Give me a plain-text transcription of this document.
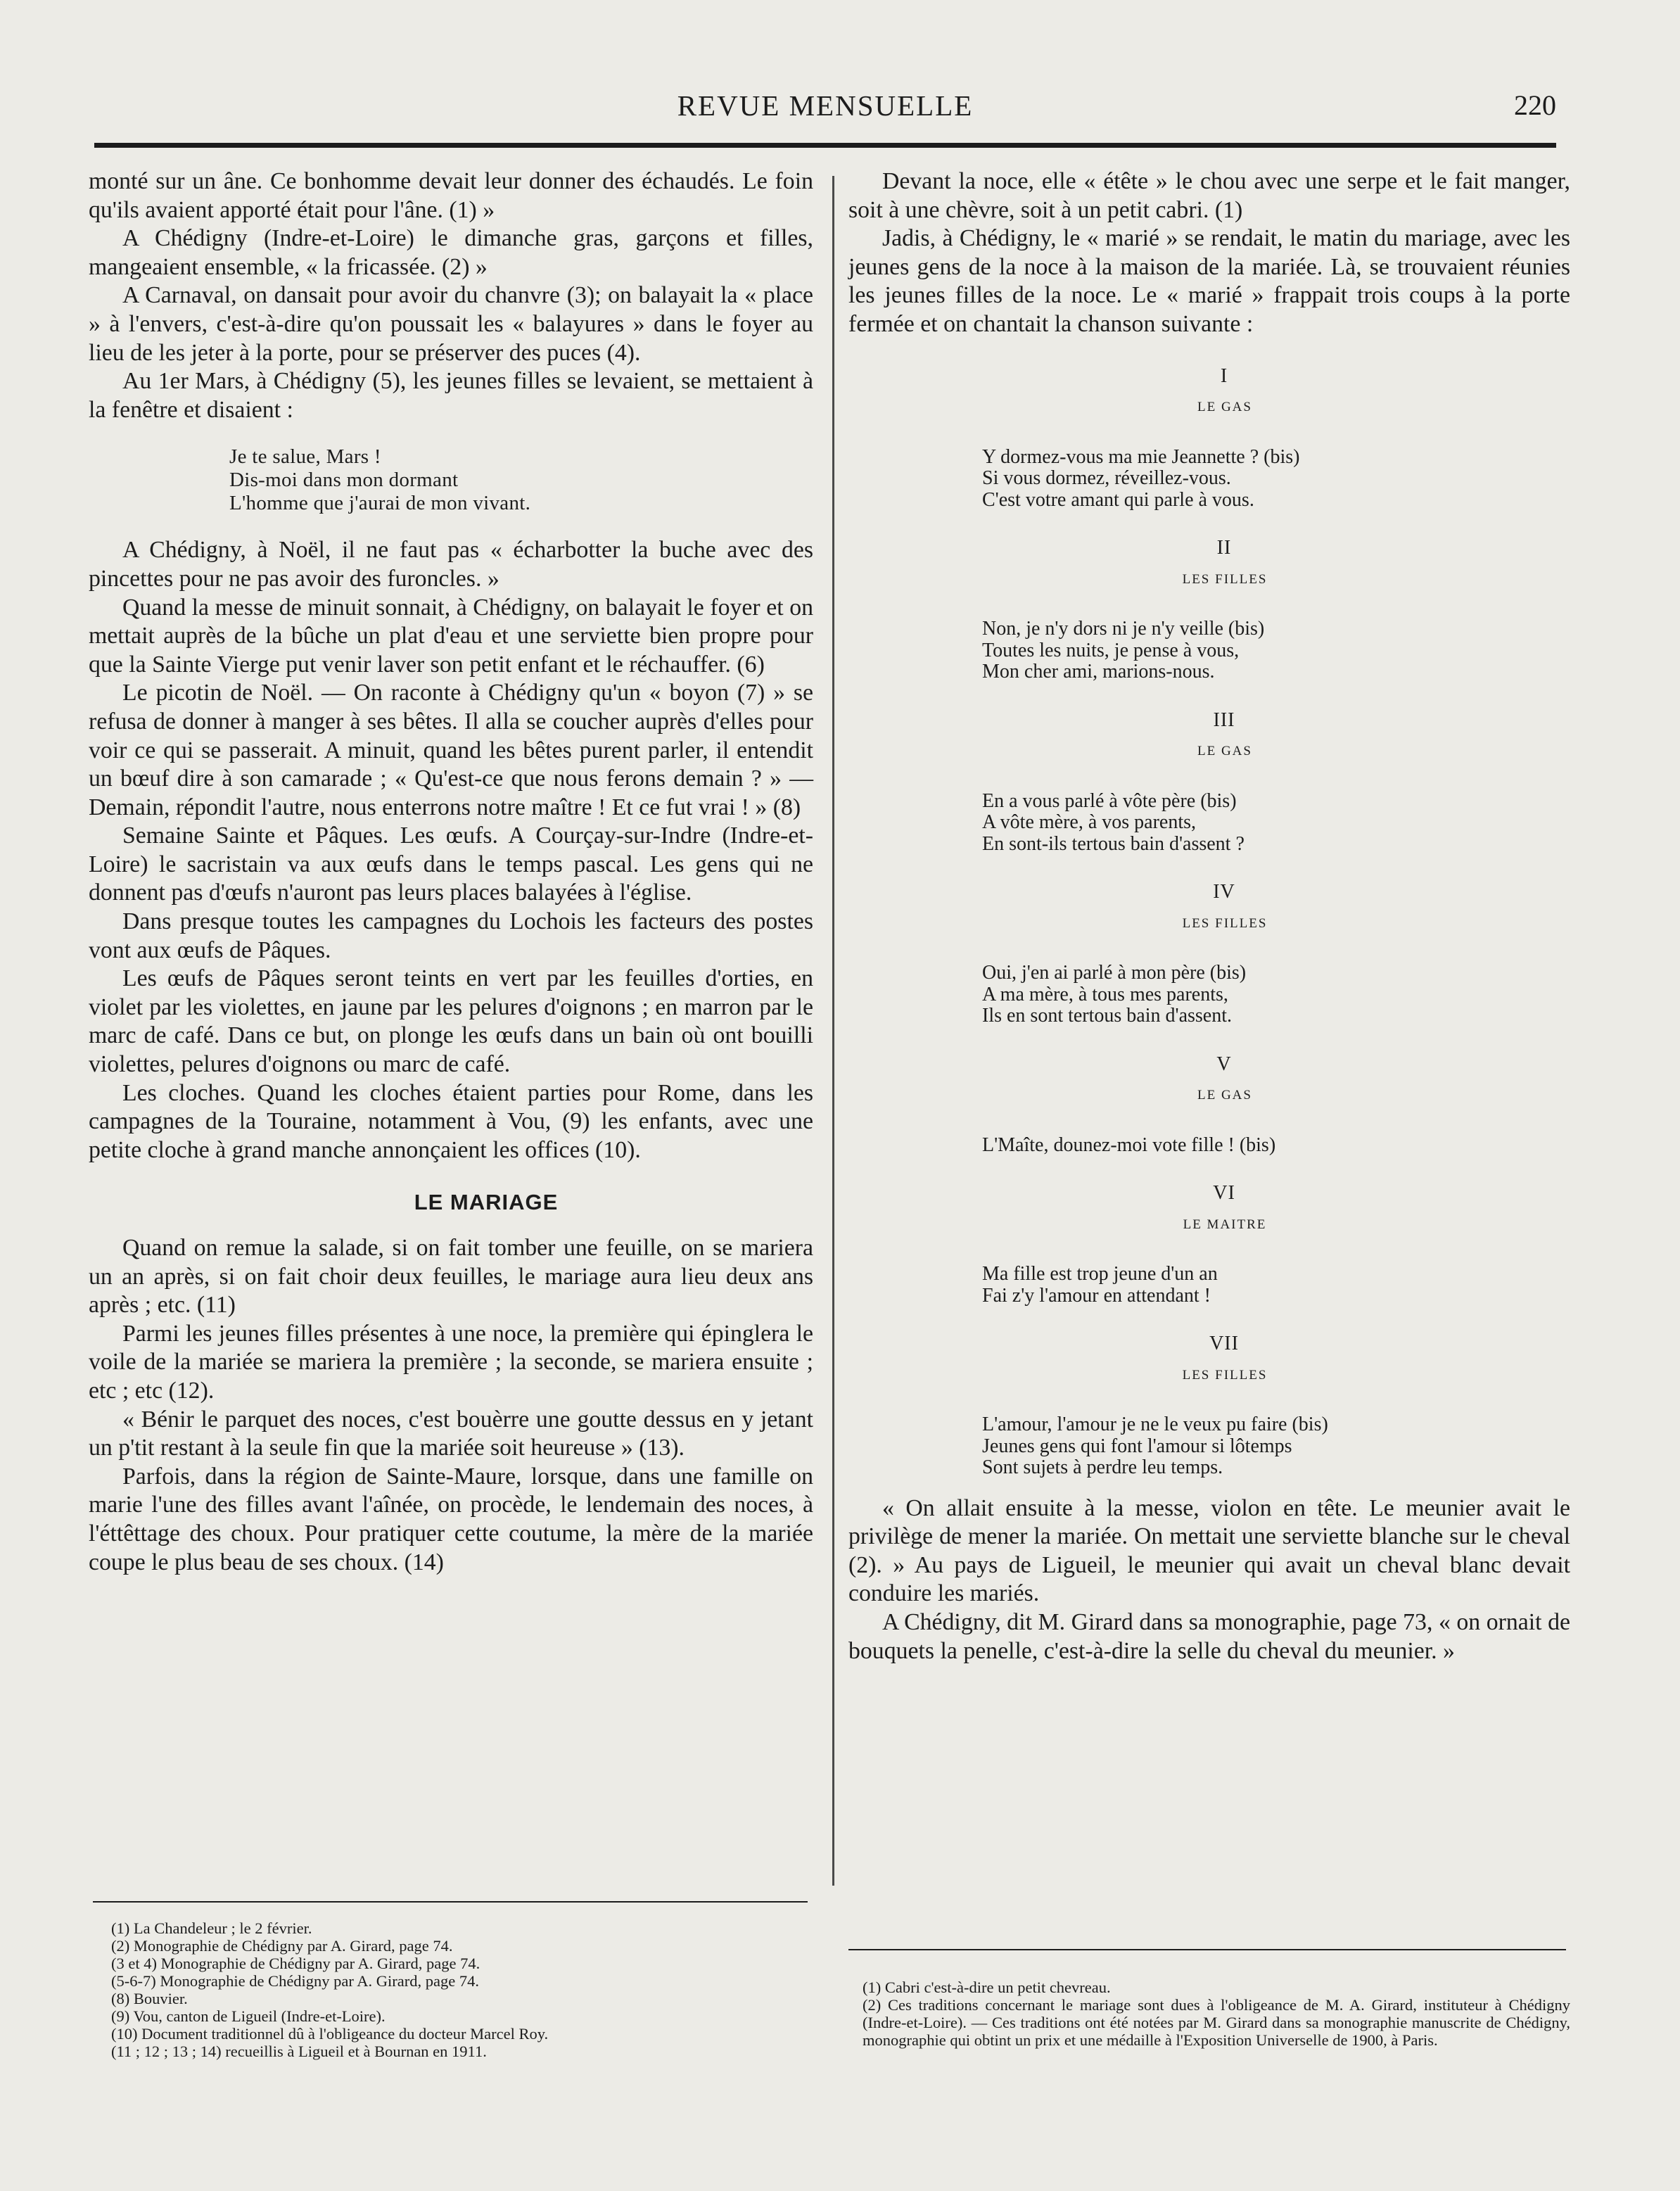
REVUE MENSUELLE	220

monté sur un âne. Ce bonhomme devait leur donner des échaudés. Le foin qu'ils avaient apporté était pour l'âne. (1) »

A Chédigny (Indre-et-Loire) le dimanche gras, garçons et filles, mangeaient ensemble, « la fricassée. (2) »

A Carnaval, on dansait pour avoir du chanvre (3); on balayait la « place » à l'envers, c'est-à-dire qu'on poussait les « balayures » dans le foyer au lieu de les jeter à la porte, pour se préserver des puces (4).

Au 1er Mars, à Chédigny (5), les jeunes filles se levaient, se mettaient à la fenêtre et disaient :

Je te salue, Mars !
Dis-moi dans mon dormant
L'homme que j'aurai de mon vivant.

A Chédigny, à Noël, il ne faut pas « écharbotter la buche avec des pincettes pour ne pas avoir des furoncles. »

Quand la messe de minuit sonnait, à Chédigny, on balayait le foyer et on mettait auprès de la bûche un plat d'eau et une serviette bien propre pour que la Sainte Vierge put venir laver son petit enfant et le réchauffer. (6)

Le picotin de Noël. — On raconte à Chédigny qu'un « boyon (7) » se refusa de donner à manger à ses bêtes. Il alla se coucher auprès d'elles pour voir ce qui se passerait. A minuit, quand les bêtes purent parler, il entendit un bœuf dire à son camarade ; « Qu'est-ce que nous ferons demain ? » — Demain, répondit l'autre, nous enterrons notre maître ! Et ce fut vrai ! » (8)

Semaine Sainte et Pâques. Les œufs. A Courçay-sur-Indre (Indre-et-Loire) le sacristain va aux œufs dans le temps pascal. Les gens qui ne donnent pas d'œufs n'auront pas leurs places balayées à l'église.

Dans presque toutes les campagnes du Lochois les facteurs des postes vont aux œufs de Pâques.

Les œufs de Pâques seront teints en vert par les feuilles d'orties, en violet par les violettes, en jaune par les pelures d'oignons ; en marron par le marc de café. Dans ce but, on plonge les œufs dans un bain où ont bouilli violettes, pelures d'oignons ou marc de café.

Les cloches. Quand les cloches étaient parties pour Rome, dans les campagnes de la Touraine, notamment à Vou, (9) les enfants, avec une petite cloche à grand manche annonçaient les offices (10).

LE MARIAGE

Quand on remue la salade, si on fait tomber une feuille, on se mariera un an après, si on fait choir deux feuilles, le mariage aura lieu deux ans après ; etc. (11)

Parmi les jeunes filles présentes à une noce, la première qui épinglera le voile de la mariée se mariera la première ; la seconde, se mariera ensuite ; etc ; etc (12).

« Bénir le parquet des noces, c'est bouèrre une goutte dessus en y jetant un p'tit restant à la seule fin que la mariée soit heureuse » (13).

Parfois, dans la région de Sainte-Maure, lorsque, dans une famille on marie l'une des filles avant l'aînée, on procède, le lendemain des noces, à l'éttêttage des choux. Pour pratiquer cette coutume, la mère de la mariée coupe le plus beau de ses choux. (14)

(1) La Chandeleur ; le 2 février.
(2) Monographie de Chédigny par A. Girard, page 74.
(3 et 4) Monographie de Chédigny par A. Girard, page 74.
(5-6-7) Monographie de Chédigny par A. Girard, page 74.
(8) Bouvier.
(9) Vou, canton de Ligueil (Indre-et-Loire).
(10) Document traditionnel dû à l'obligeance du docteur Marcel Roy.
(11 ; 12 ; 13 ; 14) recueillis à Ligueil et à Bournan en 1911.

Devant la noce, elle « étête » le chou avec une serpe et le fait manger, soit à une chèvre, soit à un petit cabri. (1)

Jadis, à Chédigny, le « marié » se rendait, le matin du mariage, avec les jeunes gens de la noce à la maison de la mariée. Là, se trouvaient réunies les jeunes filles de la noce. Le « marié » frappait trois coups à la porte fermée et on chantait la chanson suivante :

I
LE GAS
Y dormez-vous ma mie Jeannette ? (bis)
Si vous dormez, réveillez-vous.
C'est votre amant qui parle à vous.
II
LES FILLES
Non, je n'y dors ni je n'y veille (bis)
Toutes les nuits, je pense à vous,
Mon cher ami, marions-nous.
III
LE GAS
En a vous parlé à vôte père (bis)
A vôte mère, à vos parents,
En sont-ils tertous bain d'assent ?
IV
LES FILLES
Oui, j'en ai parlé à mon père (bis)
A ma mère, à tous mes parents,
Ils en sont tertous bain d'assent.
V
LE GAS
L'Maîte, dounez-moi vote fille ! (bis)
VI
LE MAITRE
Ma fille est trop jeune d'un an
Fai z'y l'amour en attendant !
VII
LES FILLES
L'amour, l'amour je ne le veux pu faire (bis)
Jeunes gens qui font l'amour si lôtemps
Sont sujets à perdre leu temps.

« On allait ensuite à la messe, violon en tête. Le meunier avait le privilège de mener la mariée. On mettait une serviette blanche sur le cheval (2). » Au pays de Ligueil, le meunier qui avait un cheval blanc devait conduire les mariés.

A Chédigny, dit M. Girard dans sa monographie, page 73, « on ornait de bouquets la penelle, c'est-à-dire la selle du cheval du meunier. »

(1) Cabri c'est-à-dire un petit chevreau.
(2) Ces traditions concernant le mariage sont dues à l'obligeance de M. A. Girard, instituteur à Chédigny (Indre-et-Loire). — Ces traditions ont été notées par M. Girard dans sa monographie manuscrite de Chédigny, monographie qui obtint un prix et une médaille à l'Exposition Universelle de 1900, à Paris.
